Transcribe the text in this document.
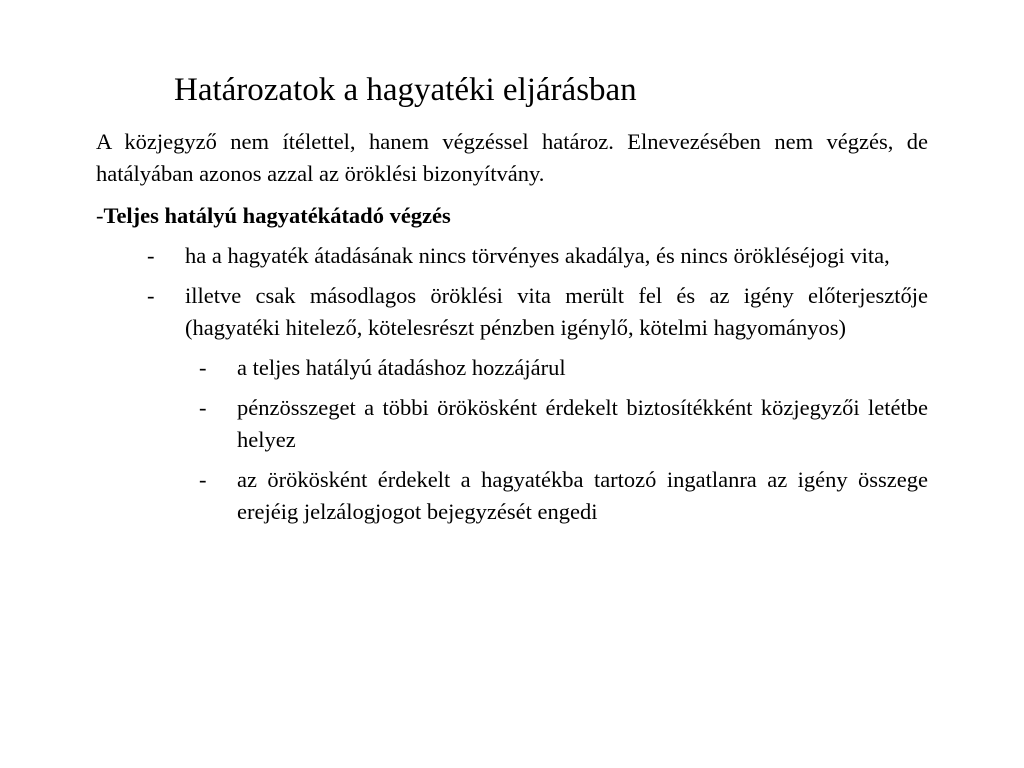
Határozatok a hagyatéki eljárásban

A közjegyző nem ítélettel, hanem végzéssel határoz. Elnevezésében nem végzés, de hatályában azonos azzal az öröklési bizonyítvány.

-Teljes hatályú hagyatékátadó végzés

- ha a hagyaték átadásának nincs törvényes akadálya, és nincs örökléséjogi vita,
- illetve csak másodlagos öröklési vita merült fel és az igény előterjesztője (hagyatéki hitelező, kötelesrészt pénzben igénylő, kötelmi hagyományos)
- a teljes hatályú átadáshoz hozzájárul
- pénzösszeget a többi örökösként érdekelt biztosítékként közjegyzői letétbe helyez
- az örökösként érdekelt a hagyatékba tartozó ingatlanra az igény összege erejéig jelzálogjogot bejegyzését engedi
